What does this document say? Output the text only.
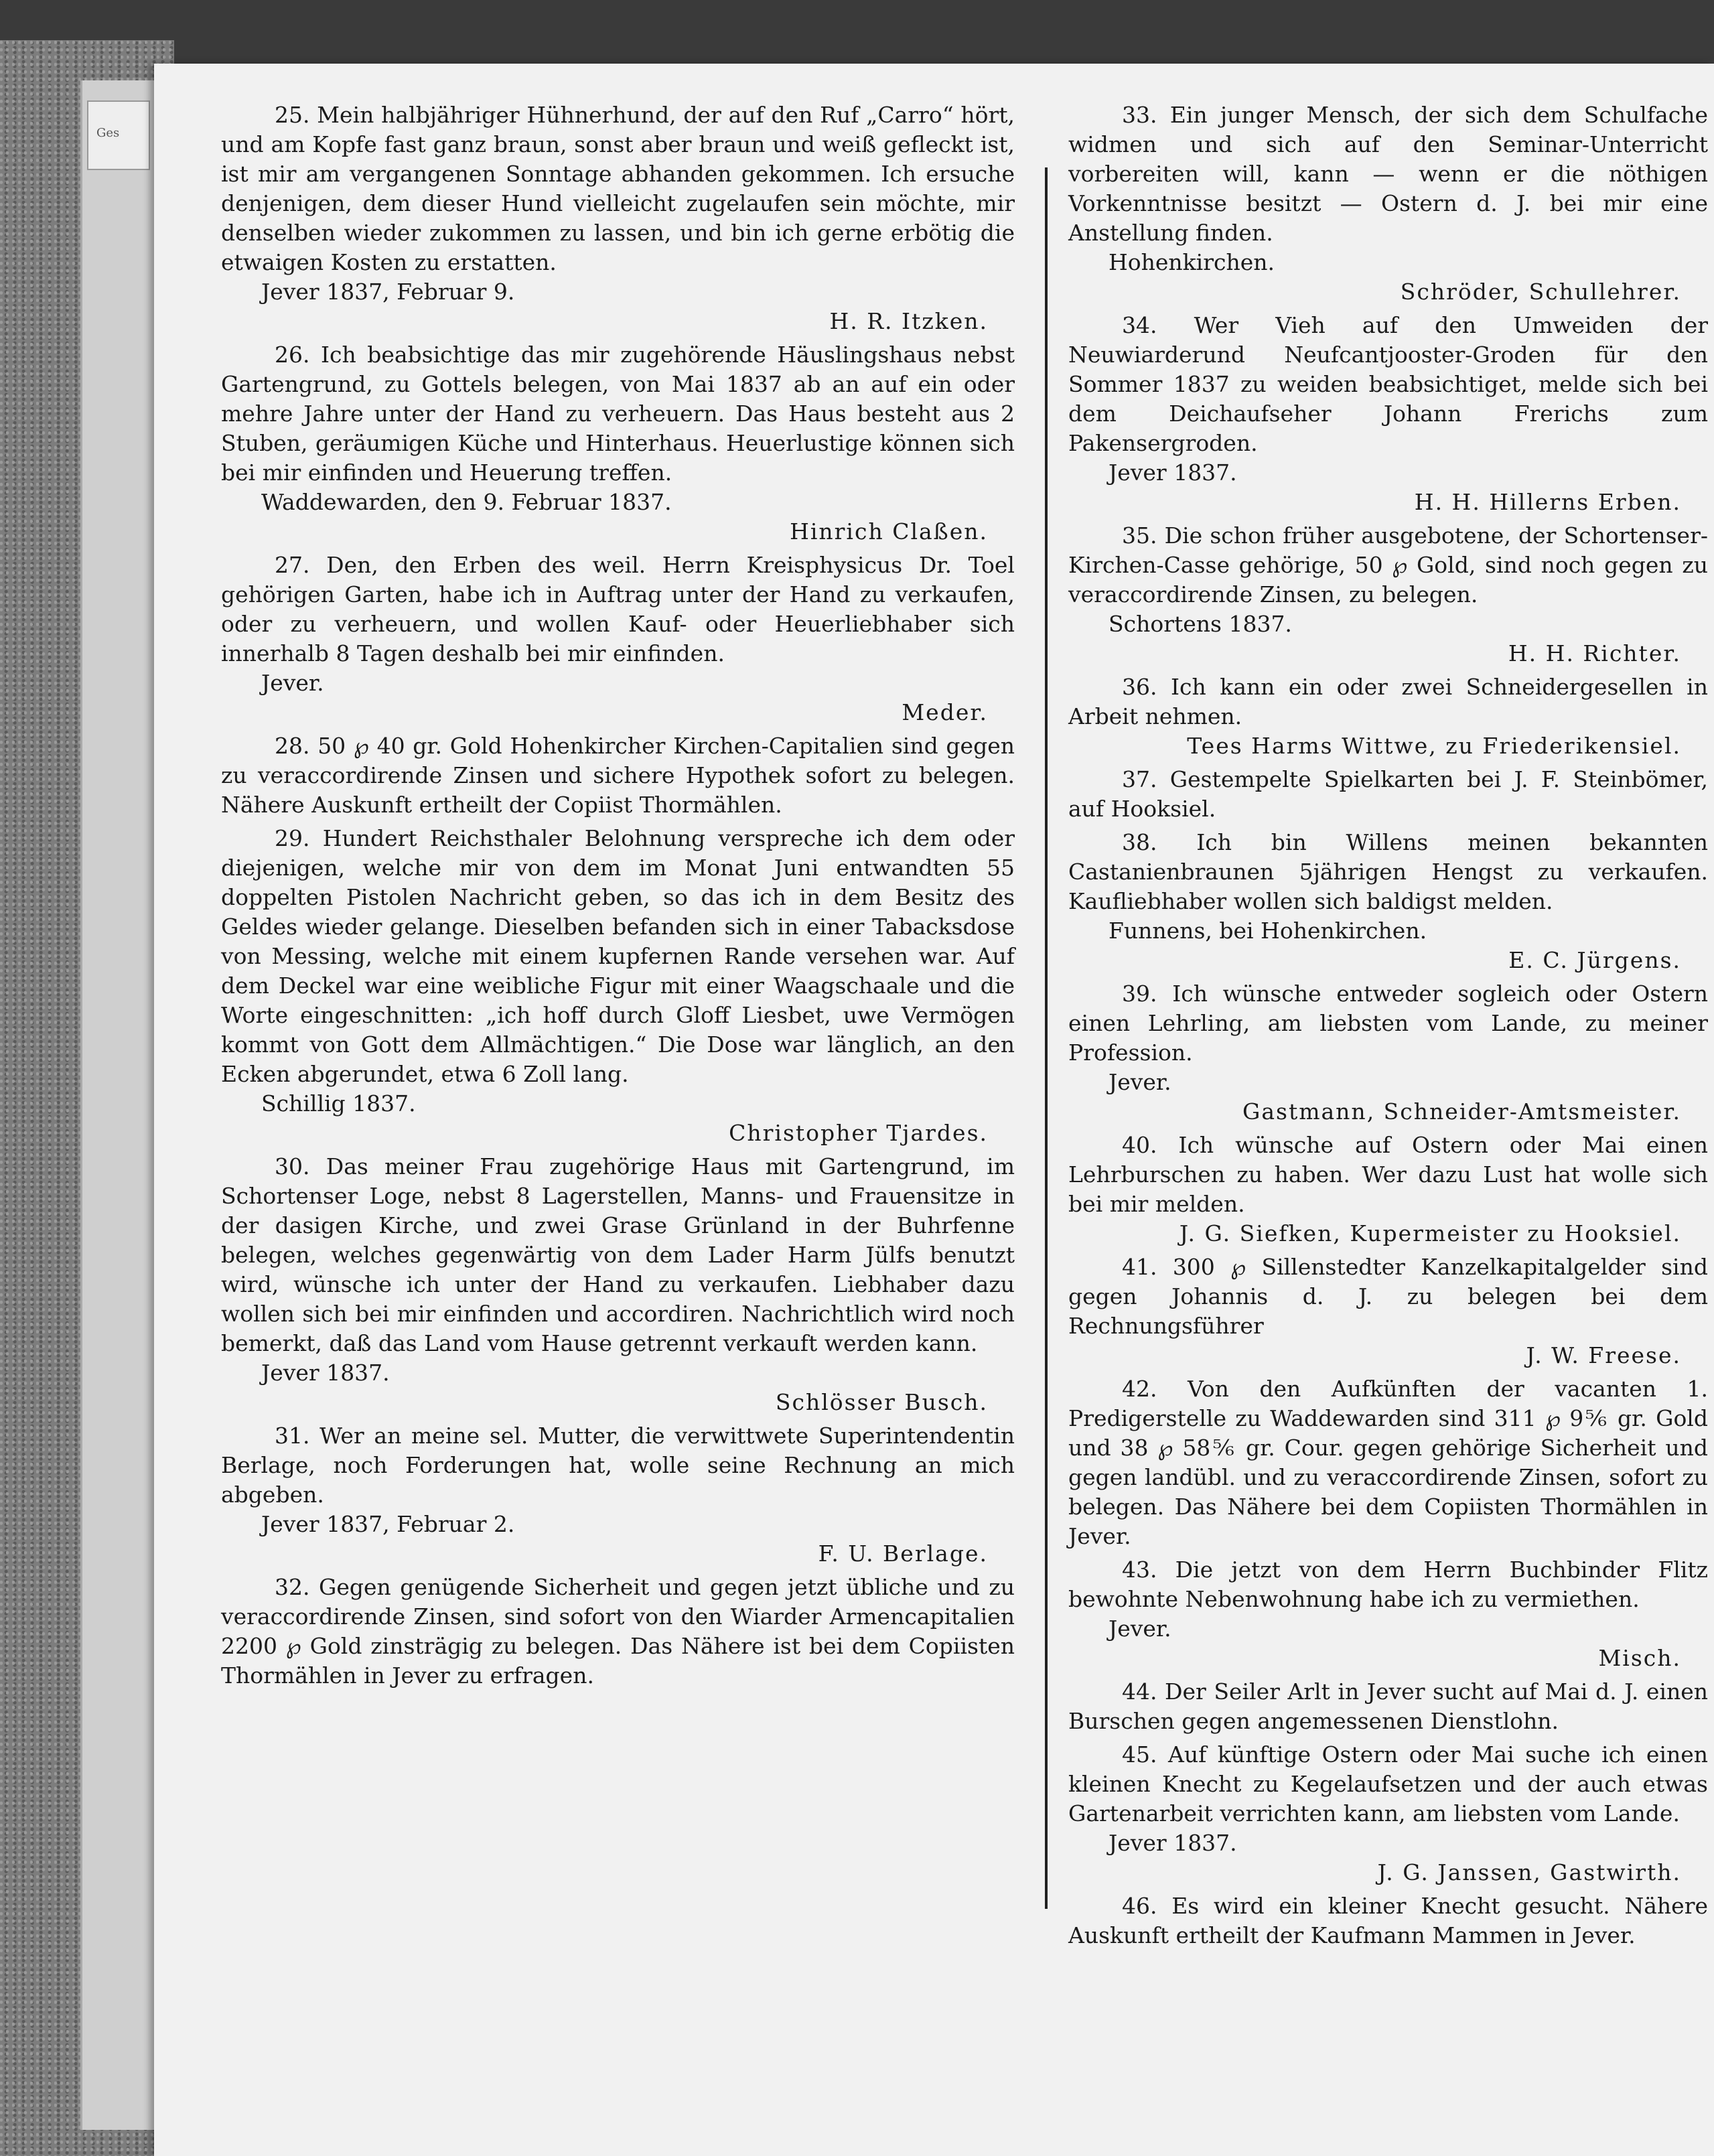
Ges

25. Mein halbjähriger Hühnerhund, der auf den Ruf „Carro“ hört, und am Kopfe fast ganz braun, sonst aber braun und weiß gefleckt ist, ist mir am vergangenen Sonntage abhanden gekommen. Ich ersuche denjenigen, dem dieser Hund vielleicht zugelaufen sein möchte, mir denselben wieder zukommen zu lassen, und bin ich gerne erbötig die etwaigen Kosten zu erstatten.

Jever 1837, Februar 9.
H. R. Itzken.

26. Ich beabsichtige das mir zugehörende Häuslingshaus nebst Gartengrund, zu Gottels belegen, von Mai 1837 ab an auf ein oder mehre Jahre unter der Hand zu verheuern. Das Haus besteht aus 2 Stuben, geräumigen Küche und Hinterhaus. Heuerlustige können sich bei mir einfinden und Heuerung treffen.

Waddewarden, den 9. Februar 1837.
Hinrich Claßen.

27. Den, den Erben des weil. Herrn Kreisphysicus Dr. Toel gehörigen Garten, habe ich in Auftrag unter der Hand zu verkaufen, oder zu verheuern, und wollen Kauf- oder Heuerliebhaber sich innerhalb 8 Tagen deshalb bei mir einfinden.

Jever.
Meder.

28. 50 ℘ 40 gr. Gold Hohenkircher Kirchen-Capitalien sind gegen zu veraccordirende Zinsen und sichere Hypothek sofort zu belegen. Nähere Auskunft ertheilt der Copiist Thormählen.

29. Hundert Reichsthaler Belohnung verspreche ich dem oder diejenigen, welche mir von dem im Monat Juni entwandten 55 doppelten Pistolen Nachricht geben, so das ich in dem Besitz des Geldes wieder gelange. Dieselben befanden sich in einer Tabacksdose von Messing, welche mit einem kupfernen Rande versehen war. Auf dem Deckel war eine weibliche Figur mit einer Waagschaale und die Worte eingeschnitten: „ich hoff durch Gloff Liesbet, uwe Vermögen kommt von Gott dem Allmächtigen.“ Die Dose war länglich, an den Ecken abgerundet, etwa 6 Zoll lang.

Schillig 1837.
Christopher Tjardes.

30. Das meiner Frau zugehörige Haus mit Gartengrund, im Schortenser Loge, nebst 8 Lagerstellen, Manns- und Frauensitze in der dasigen Kirche, und zwei Grase Grünland in der Buhrfenne belegen, welches gegenwärtig von dem Lader Harm Jülfs benutzt wird, wünsche ich unter der Hand zu verkaufen. Liebhaber dazu wollen sich bei mir einfinden und accordiren. Nachrichtlich wird noch bemerkt, daß das Land vom Hause getrennt verkauft werden kann.

Jever 1837.
Schlösser Busch.

31. Wer an meine sel. Mutter, die verwittwete Superintendentin Berlage, noch Forderungen hat, wolle seine Rechnung an mich abgeben.

Jever 1837, Februar 2.
F. U. Berlage.

32. Gegen genügende Sicherheit und gegen jetzt übliche und zu veraccordirende Zinsen, sind sofort von den Wiarder Armencapitalien 2200 ℘ Gold zinsträgig zu belegen. Das Nähere ist bei dem Copiisten Thormählen in Jever zu erfragen.

33. Ein junger Mensch, der sich dem Schulfache widmen und sich auf den Seminar-Unterricht vorbereiten will, kann — wenn er die nöthigen Vorkenntnisse besitzt — Ostern d. J. bei mir eine Anstellung finden.

Hohenkirchen.
Schröder, Schullehrer.

34. Wer Vieh auf den Umweiden der Neuwiarderund Neufcantjooster-Groden für den Sommer 1837 zu weiden beabsichtiget, melde sich bei dem Deichaufseher Johann Frerichs zum Pakensergroden.

Jever 1837.
H. H. Hillerns Erben.

35. Die schon früher ausgebotene, der Schortenser-Kirchen-Casse gehörige, 50 ℘ Gold, sind noch gegen zu veraccordirende Zinsen, zu belegen.

Schortens 1837.
H. H. Richter.

36. Ich kann ein oder zwei Schneidergesellen in Arbeit nehmen.

Tees Harms Wittwe, zu Friederikensiel.

37. Gestempelte Spielkarten bei J. F. Steinbömer, auf Hooksiel.

38. Ich bin Willens meinen bekannten Castanienbraunen 5jährigen Hengst zu verkaufen. Kaufliebhaber wollen sich baldigst melden.

Funnens, bei Hohenkirchen.
E. C. Jürgens.

39. Ich wünsche entweder sogleich oder Ostern einen Lehrling, am liebsten vom Lande, zu meiner Profession.

Jever.
Gastmann, Schneider-Amtsmeister.

40. Ich wünsche auf Ostern oder Mai einen Lehrburschen zu haben. Wer dazu Lust hat wolle sich bei mir melden.

J. G. Siefken, Kupermeister zu Hooksiel.

41. 300 ℘ Sillenstedter Kanzelkapitalgelder sind gegen Johannis d. J. zu belegen bei dem Rechnungsführer

J. W. Freese.

42. Von den Aufkünften der vacanten 1. Predigerstelle zu Waddewarden sind 311 ℘ 9⅚ gr. Gold und 38 ℘ 58⅚ gr. Cour. gegen gehörige Sicherheit und gegen landübl. und zu veraccordirende Zinsen, sofort zu belegen. Das Nähere bei dem Copiisten Thormählen in Jever.

43. Die jetzt von dem Herrn Buchbinder Flitz bewohnte Nebenwohnung habe ich zu vermiethen.

Jever.
Misch.

44. Der Seiler Arlt in Jever sucht auf Mai d. J. einen Burschen gegen angemessenen Dienstlohn.

45. Auf künftige Ostern oder Mai suche ich einen kleinen Knecht zu Kegelaufsetzen und der auch etwas Gartenarbeit verrichten kann, am liebsten vom Lande.

Jever 1837.
J. G. Janssen, Gastwirth.

46. Es wird ein kleiner Knecht gesucht. Nähere Auskunft ertheilt der Kaufmann Mammen in Jever.
